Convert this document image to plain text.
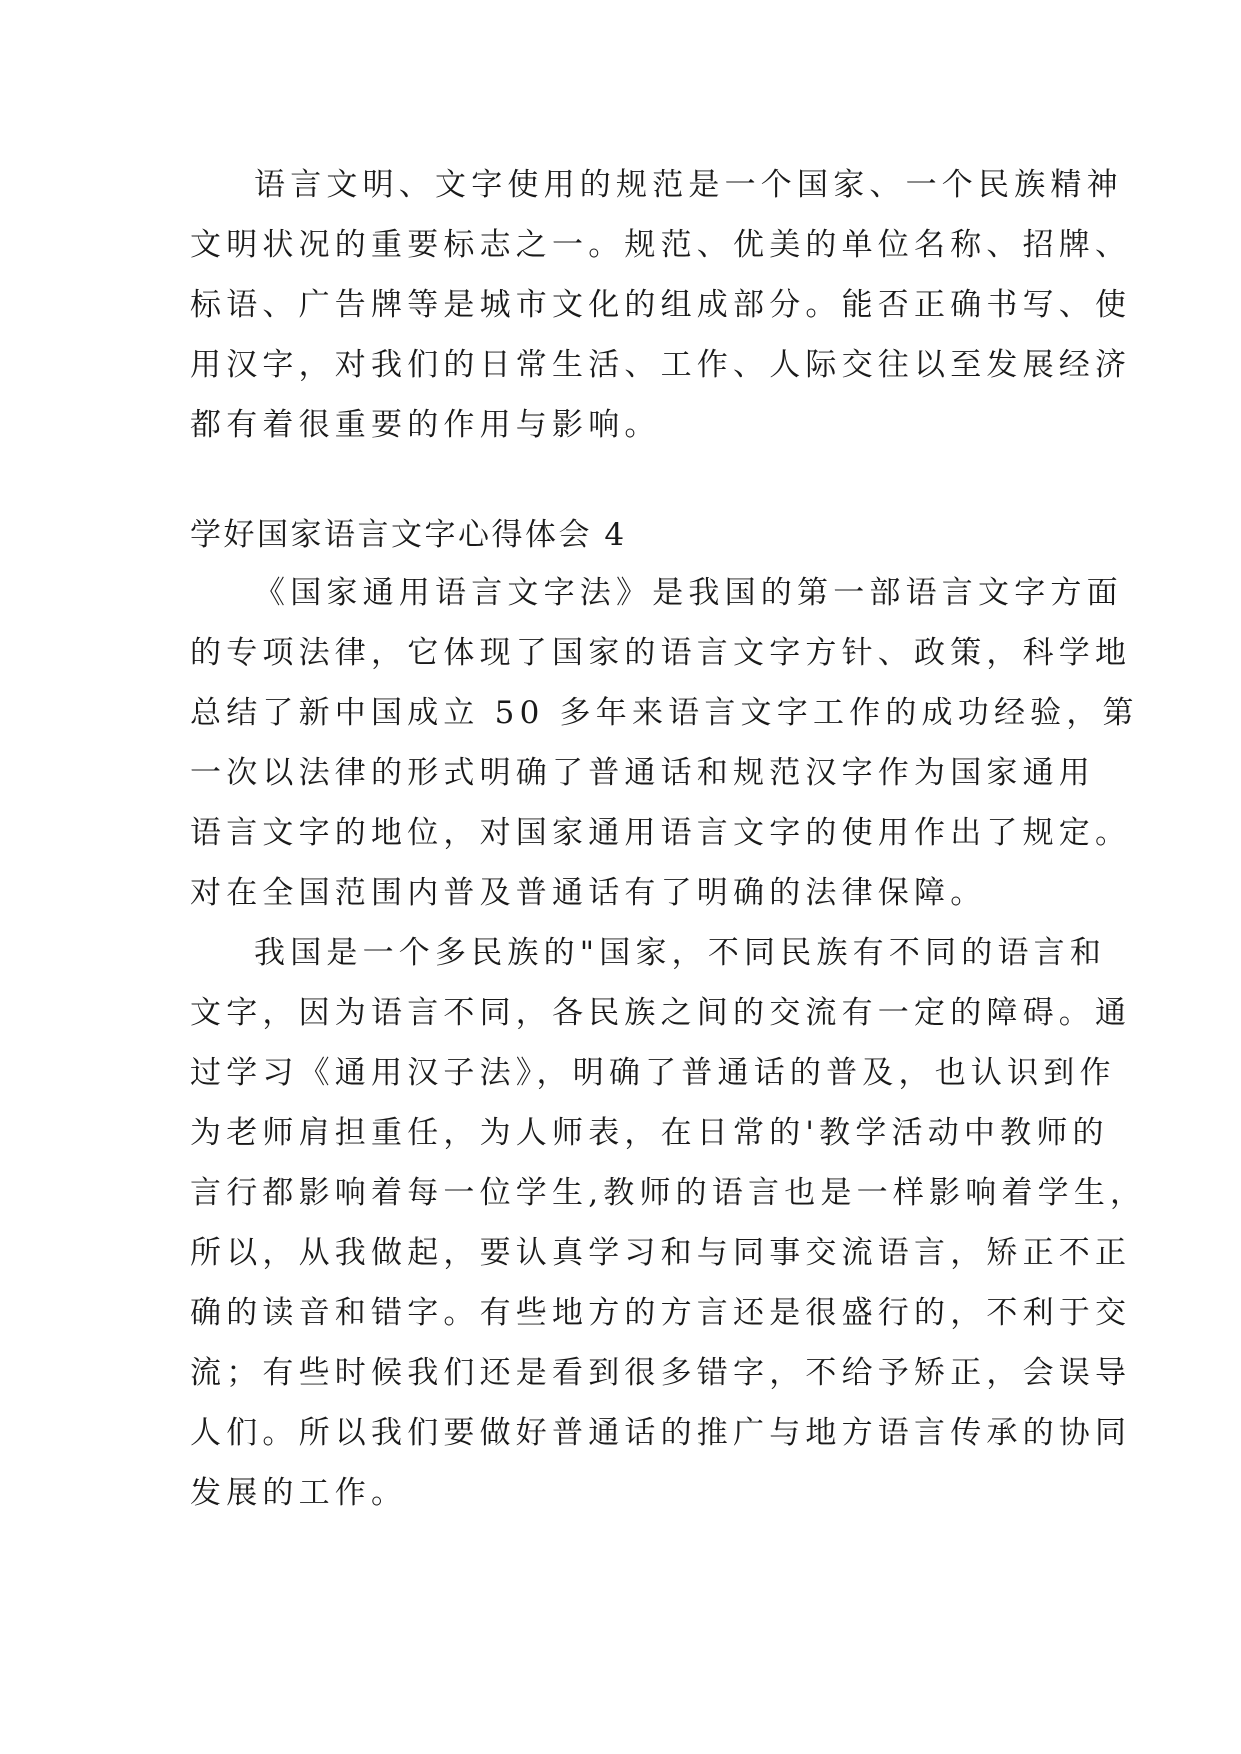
语言文明、文字使用的规范是一个国家、一个民族精神
文明状况的重要标志之一。规范、优美的单位名称、招牌、
标语、广告牌等是城市文化的组成部分。能否正确书写、使
用汉字，对我们的日常生活、工作、人际交往以至发展经济
都有着很重要的作用与影响。
学好国家语言文字心得体会 4
《国家通用语言文字法》是我国的第一部语言文字方面
的专项法律，它体现了国家的语言文字方针、政策，科学地
总结了新中国成立 50 多年来语言文字工作的成功经验，第
一次以法律的形式明确了普通话和规范汉字作为国家通用
语言文字的地位，对国家通用语言文字的使用作出了规定。
对在全国范围内普及普通话有了明确的法律保障。
我国是一个多民族的"国家，不同民族有不同的语言和
文字，因为语言不同，各民族之间的交流有一定的障碍。通
过学习《通用汉子法》，明确了普通话的普及，也认识到作
为老师肩担重任，为人师表，在日常的'教学活动中教师的
言行都影响着每一位学生,教师的语言也是一样影响着学生，
所以，从我做起，要认真学习和与同事交流语言，矫正不正
确的读音和错字。有些地方的方言还是很盛行的，不利于交
流；有些时候我们还是看到很多错字，不给予矫正，会误导
人们。所以我们要做好普通话的推广与地方语言传承的协同
发展的工作。
